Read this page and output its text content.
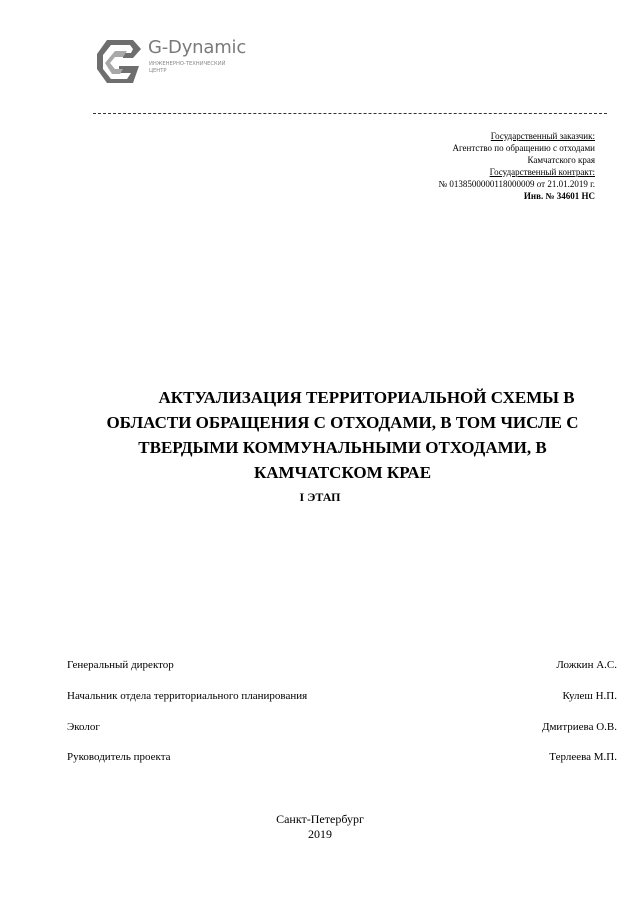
G-Dynamic
ИНЖЕНЕРНО-ТЕХНИЧЕСКИЙ
ЦЕНТР
Государственный заказчик:
Агентство по обращению с отходами
Камчатского края
Государственный контракт:
№ 0138500000118000009 от 21.01.2019 г.
Инв. № 34601 НС
АКТУАЛИЗАЦИЯ ТЕРРИТОРИАЛЬНОЙ СХЕМЫ В
ОБЛАСТИ ОБРАЩЕНИЯ С ОТХОДАМИ, В ТОМ ЧИСЛЕ С
ТВЕРДЫМИ КОММУНАЛЬНЫМИ ОТХОДАМИ, В
КАМЧАТСКОМ КРАЕ
I ЭТАП
Генеральный директор	Ложкин А.С.
Начальник отдела территориального планирования	Кулеш Н.П.
Эколог	Дмитриева О.В.
Руководитель проекта	Терлеева М.П.
Санкт-Петербург
2019
